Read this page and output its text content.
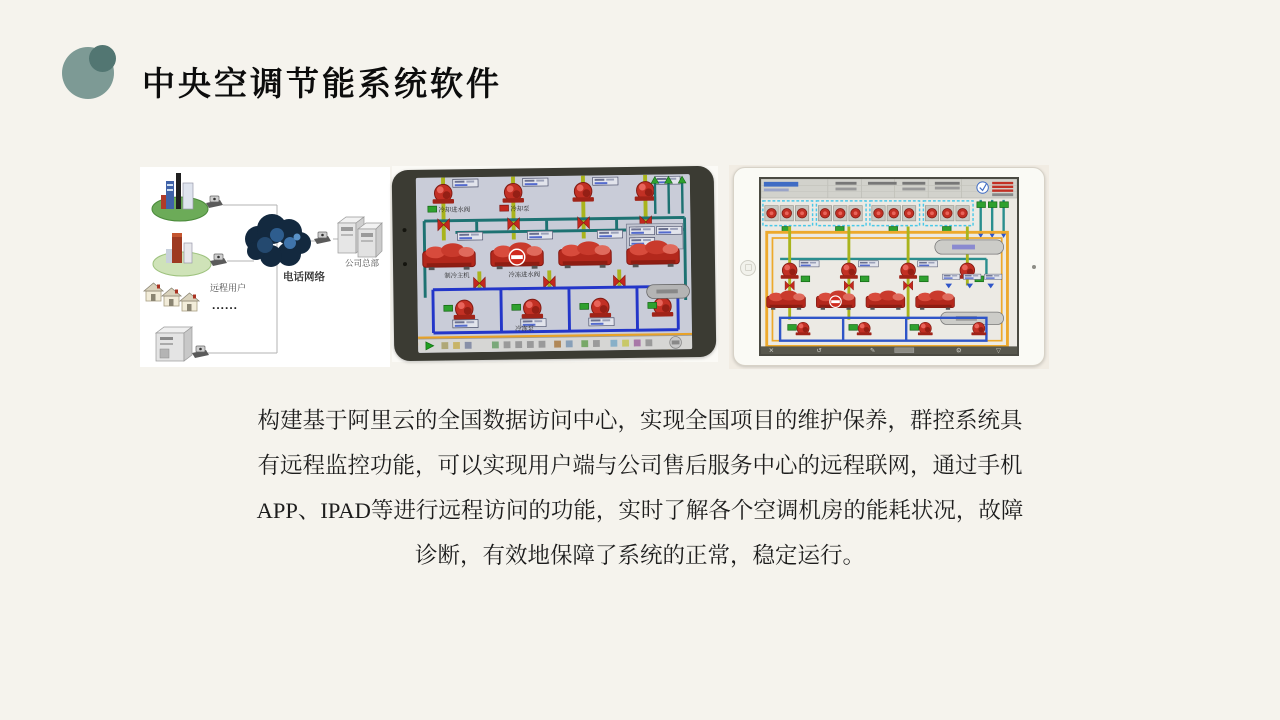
中央空调节能系统软件
远程用户
......
电话网络
公司总部
冷却进水阀	冷却泵
制冷主机	冷冻进水阀
冷冻泵
✕	↺	✎	⚙	▽
构建基于阿里云的全国数据访问中心，实现全国项目的维护保养，群控系统具
有远程监控功能，可以实现用户端与公司售后服务中心的远程联网，通过手机
APP、IPAD等进行远程访问的功能，实时了解各个空调机房的能耗状况，故障
诊断，有效地保障了系统的正常，稳定运行。
